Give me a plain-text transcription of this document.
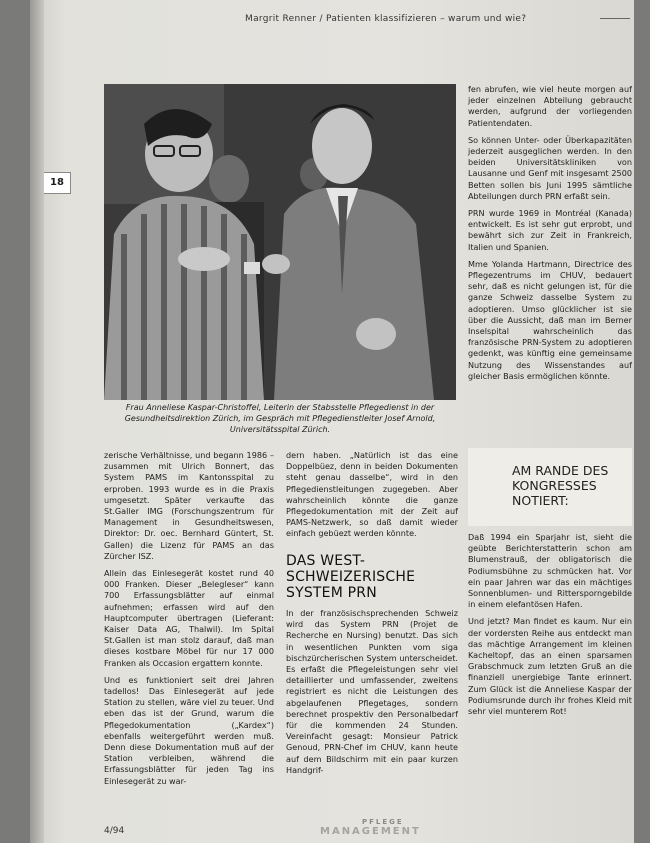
Margrit Renner / Patienten klassifizieren – warum und wie?
18
Frau Anneliese Kaspar-Christoffel, Leiterin der Stabsstelle Pflegedienst in der Gesundheitsdirektion Zürich, im Gespräch mit Pflegedienstleiter Josef Arnold, Universitätsspital Zürich.

zerische Verhältnisse, und begann 1986 – zusammen mit Ulrich Bonnert, das System PAMS im Kantonsspital zu erproben. 1993 wurde es in die Praxis umgesetzt. Später verkaufte das St.Galler IMG (Forschungszentrum für Management in Gesundheitswesen, Direktor: Dr. oec. Bernhard Güntert, St. Gallen) die Lizenz für PAMS an das Zürcher ISZ.

Allein das Einlesegerät kostet rund 40 000 Franken. Dieser „Belegleser“ kann 700 Erfassungsblätter auf einmal aufnehmen; erfassen wird auf den Hauptcomputer übertragen (Lieferant: Kaiser Data AG, Thalwil). Im Spital St.Gallen ist man stolz darauf, daß man dieses kostbare Möbel für nur 17 000 Franken als Occasion ergattern konnte.

Und es funktioniert seit drei Jahren tadellos! Das Einlesegerät auf jede Station zu stellen, wäre viel zu teuer. Und eben das ist der Grund, warum die Pflegedokumentation („Kardex“) ebenfalls weitergeführt werden muß. Denn diese Dokumentation muß auf der Station verbleiben, während die Erfassungsblätter für jeden Tag ins Einlesegerät zu war-

dern haben. „Natürlich ist das eine Doppelbüez, denn in beiden Dokumenten steht genau dasselbe“, wird in den Pflegedienstleitungen zugegeben. Aber wahrscheinlich könnte die ganze Pflegedokumentation mit der Zeit auf PAMS-Netzwerk, so daß damit wieder einfach gebüezt werden könnte.

DAS WEST-SCHWEIZERISCHE SYSTEM PRN

In der französischsprechenden Schweiz wird das System PRN (Projet de Recherche en Nursing) benutzt. Das sich in wesentlichen Punkten vom siga bischzürcherischen System unterscheidet. Es erfaßt die Pflegeleistungen sehr viel detaillierter und umfassender, zweitens registriert es nicht die Leistungen des abgelaufenen Pflegetages, sondern berechnet prospektiv den Personalbedarf für die kommenden 24 Stunden. Vereinfacht gesagt: Monsieur Patrick Genoud, PRN-Chef im CHUV, kann heute auf dem Bildschirm mit ein paar kurzen Handgrif-

fen abrufen, wie viel heute morgen auf jeder einzelnen Abteilung gebraucht werden, aufgrund der vorliegenden Patientendaten.

So können Unter- oder Überkapazitäten jederzeit ausgeglichen werden. In den beiden Universitätskliniken von Lausanne und Genf mit insgesamt 2500 Betten sollen bis Juni 1995 sämtliche Abteilungen durch PRN erfaßt sein.

PRN wurde 1969 in Montréal (Kanada) entwickelt. Es ist sehr gut erprobt, und bewährt sich zur Zeit in Frankreich, Italien und Spanien.

Mme Yolanda Hartmann, Directrice des Pflegezentrums im CHUV, bedauert sehr, daß es nicht gelungen ist, für die ganze Schweiz dasselbe System zu adoptieren. Umso glücklicher ist sie über die Aussicht, daß man im Berner Inselspital wahrscheinlich das französische PRN-System zu adoptieren gedenkt, was künftig eine gemeinsame Nutzung des Wissenstandes auf gleicher Basis ermöglichen könnte.

AM RANDE DES KONGRESSES NOTIERT:

Daß 1994 ein Sparjahr ist, sieht die geübte Berichterstatterin schon am Blumenstrauß, der obligatorisch die Podiumsbühne zu schmücken hat. Vor ein paar Jahren war das ein mächtiges Sonnenblumen- und Rittersporngebilde in einem elefantösen Hafen.

Und jetzt? Man findet es kaum. Nur ein der vordersten Reihe aus entdeckt man das mächtige Arrangement im kleinen Kacheltopf, das an einen sparsamen Grabschmuck zum letzten Gruß an die finanziell unergiebige Tante erinnert. Zum Glück ist die Anneliese Kaspar der Podiumsrunde durch ihr frohes Kleid mit sehr viel munterem Rot!

4/94
PFLEGE
MANAGEMENT
